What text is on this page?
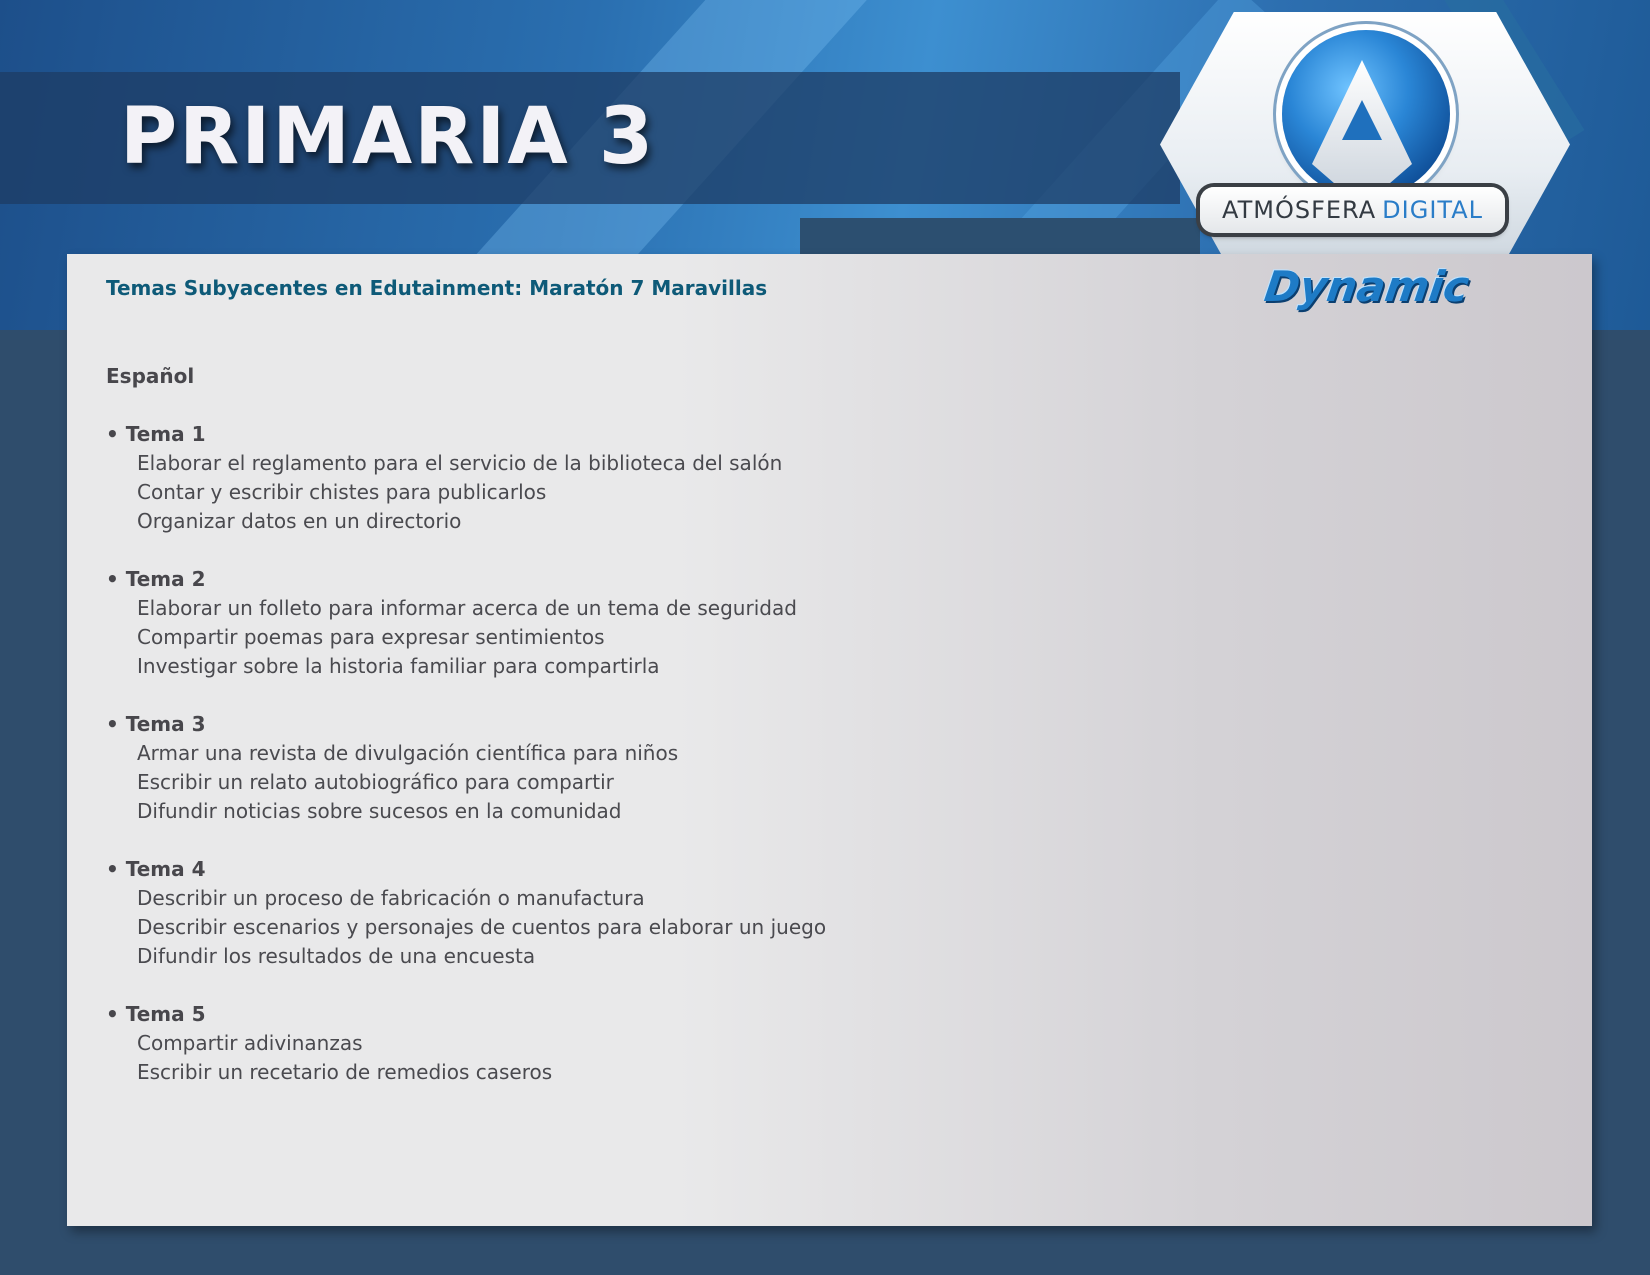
PRIMARIA 3
ATMÓSFERA DIGITAL

Dynamic

Temas Subyacentes en Edutainment: Maratón 7 Maravillas

Español

• Tema 1

Elaborar el reglamento para el servicio de la biblioteca del salón
Contar y escribir chistes para publicarlos
Organizar datos en un directorio

• Tema 2

Elaborar un folleto para informar acerca de un tema de seguridad
Compartir poemas para expresar sentimientos
Investigar sobre la historia familiar para compartirla

• Tema 3

Armar una revista de divulgación científica para niños
Escribir un relato autobiográfico para compartir
Difundir noticias sobre sucesos en la comunidad

• Tema 4

Describir un proceso de fabricación o manufactura
Describir escenarios y personajes de cuentos para elaborar un juego
Difundir los resultados de una encuesta

• Tema 5

Compartir adivinanzas
Escribir un recetario de remedios caseros
